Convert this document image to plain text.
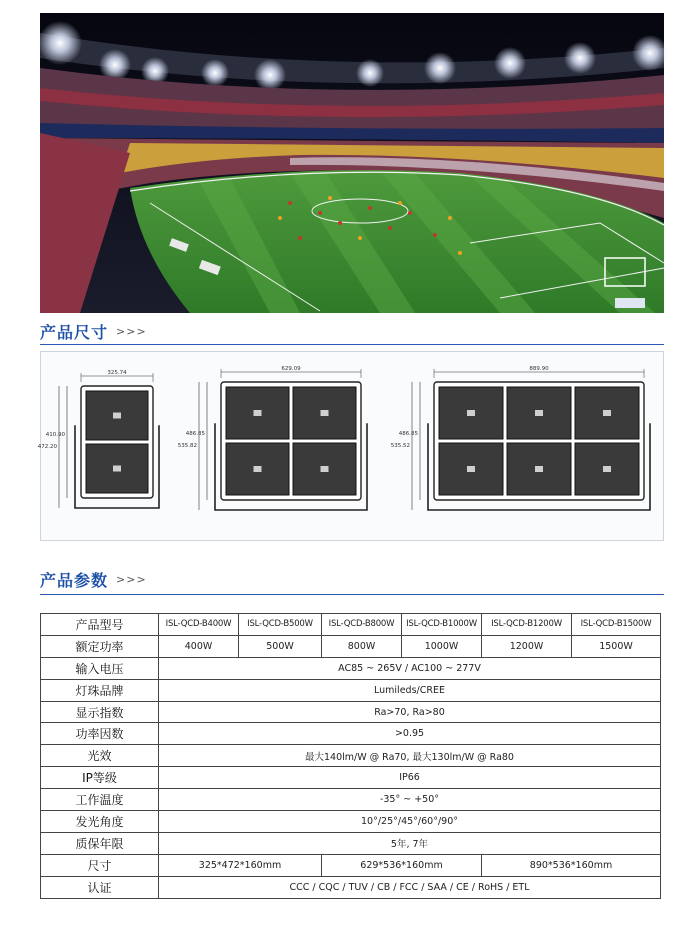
产品尺寸 >>>
325.74
472.20
410.90
629.09
535.82
486.85
889.90
535.52
486.85
产品参数 >>>
产品型号	ISL-QCD-B400W	ISL-QCD-B500W	ISL-QCD-B800W	ISL-QCD-B1000W	ISL-QCD-B1200W	ISL-QCD-B1500W
额定功率	400W	500W	800W	1000W	1200W	1500W
输入电压	AC85 ~ 265V / AC100 ~ 277V					
灯珠品牌	Lumileds/CREE					
显示指数	Ra>70, Ra>80					
功率因数	>0.95					
光效	最大140lm/W @ Ra70, 最大130lm/W @ Ra80					
IP等级	IP66					
工作温度	-35° ~ +50°					
发光角度	10°/25°/45°/60°/90°					
质保年限	5年, 7年					
尺寸	325*472*160mm		629*536*160mm		890*536*160mm	
认证	CCC / CQC / TUV / CB / FCC / SAA / CE / RoHS / ETL					
